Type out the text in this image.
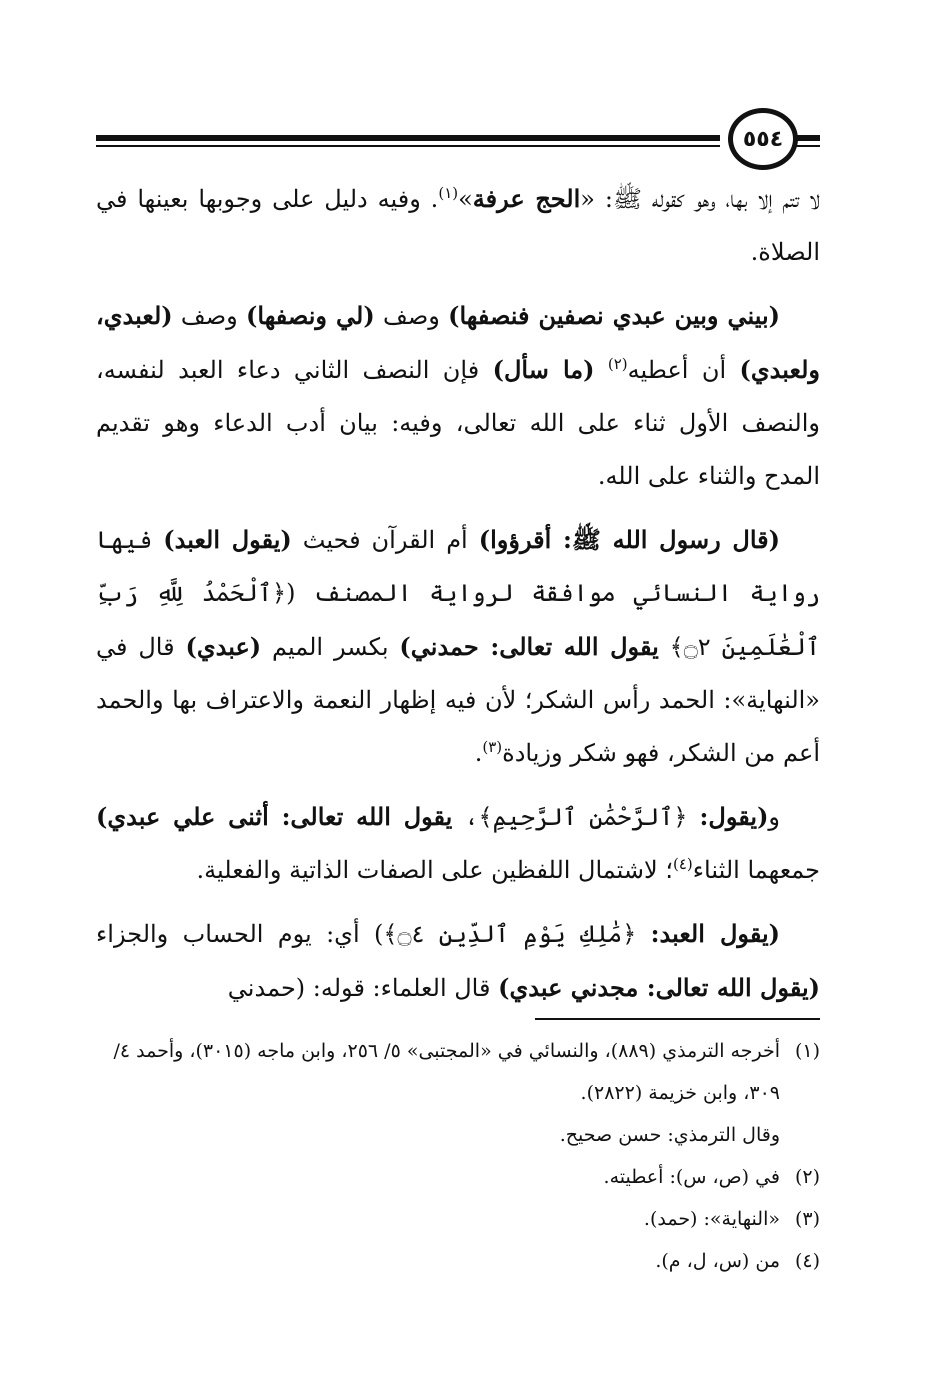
٥٥٤

لا تتم إلا بها، وهو كقوله ﷺ: «الحج عرفة»$^{(١)}$. وفيه دليل على وجوبها بعينها في الصلاة.

(بيني وبين عبدي نصفين فنصفها) وصف (لي ونصفها) وصف (لعبدي، ولعبدي) أن أعطيه$^{(٢)}$ (ما سأل) فإن النصف الثاني دعاء العبد لنفسه، والنصف الأول ثناء على الله تعالى، وفيه: بيان أدب الدعاء وهو تقديم المدح والثناء على الله.

(قال رسول الله ﷺ: أقرؤوا) أم القرآن فحيث (يقول العبد) فيها رواية النسائي موافقة لرواية المصنف (﴿ٱلْحَمْدُ لِلَّهِ رَبِّ ٱلْعَٰلَمِينَ ۝٢﴾ يقول الله تعالى: حمدني) بكسر الميم (عبدي) قال في «النهاية»: الحمد رأس الشكر؛ لأن فيه إظهار النعمة والاعتراف بها والحمد أعم من الشكر، فهو شكر وزيادة$^{(٣)}$.

و(يقول: ﴿ٱلرَّحْمَٰنِ ٱلرَّحِيمِ﴾، يقول الله تعالى: أثنى علي عبدي) جمعهما الثناء$^{(٤)}$؛ لاشتمال اللفظين على الصفات الذاتية والفعلية.

(يقول العبد: ﴿مَٰلِكِ يَوْمِ ٱلدِّينِ ۝٤﴾) أي: يوم الحساب والجزاء (يقول الله تعالى: مجدني عبدي) قال العلماء: قوله: (حمدني

(١)
أخرجه الترمذي (٨٨٩)، والنسائي في «المجتبى» ٥/ ٢٥٦، وابن ماجه (٣٠١٥)، وأحمد ٤/ ٣٠٩، وابن خزيمة (٢٨٢٢).
وقال الترمذي: حسن صحيح.
(٢)
في (ص، س): أعطيته.
(٣)
«النهاية»: (حمد).
(٤)
من (س، ل، م).
